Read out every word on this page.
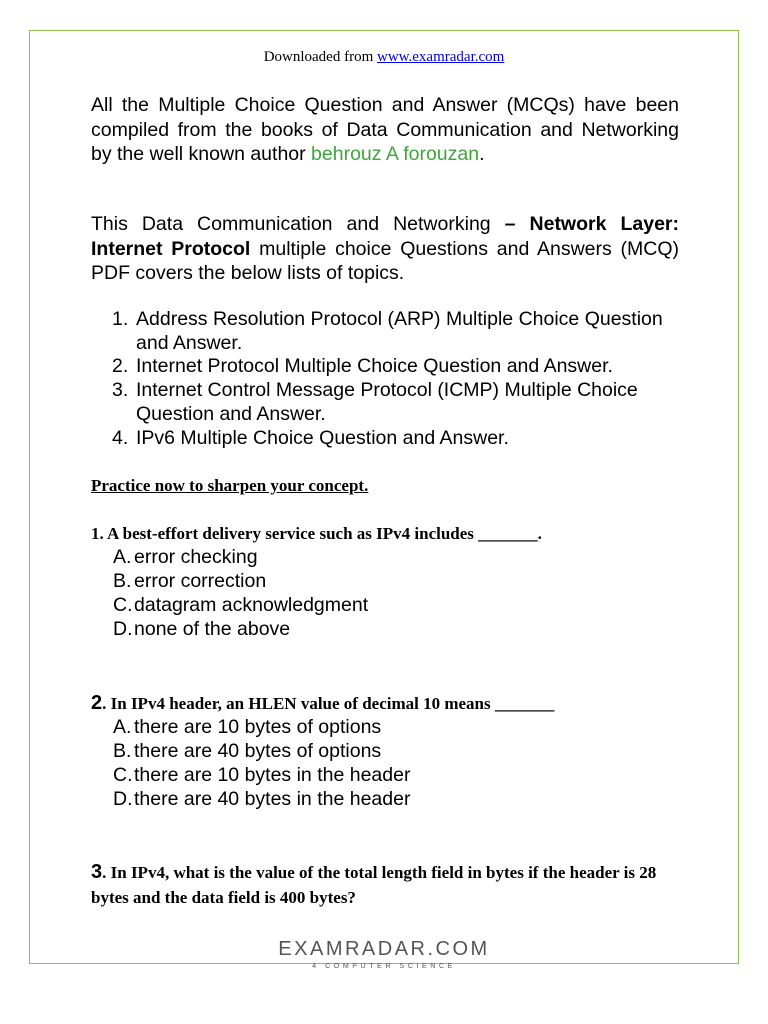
Downloaded from www.examradar.com
All the Multiple Choice Question and Answer (MCQs) have been compiled from the books of Data Communication and Networking by the well known author behrouz A forouzan.
This Data Communication and Networking – Network Layer: Internet Protocol multiple choice Questions and Answers (MCQ) PDF covers the below lists of topics.
1. Address Resolution Protocol (ARP) Multiple Choice Question and Answer.
2. Internet Protocol Multiple Choice Question and Answer.
3. Internet Control Message Protocol (ICMP) Multiple Choice Question and Answer.
4. IPv6 Multiple Choice Question and Answer.
Practice now to sharpen your concept.
1. A best-effort delivery service such as IPv4 includes _______.
A. error checking
B. error correction
C. datagram acknowledgment
D. none of the above
2. In IPv4 header, an HLEN value of decimal 10 means _______
A. there are 10 bytes of options
B. there are 40 bytes of options
C. there are 10 bytes in the header
D. there are 40 bytes in the header
3. In IPv4, what is the value of the total length field in bytes if the header is 28 bytes and the data field is 400 bytes?
EXAMRADAR.COM
4 COMPUTER SCIENCE
